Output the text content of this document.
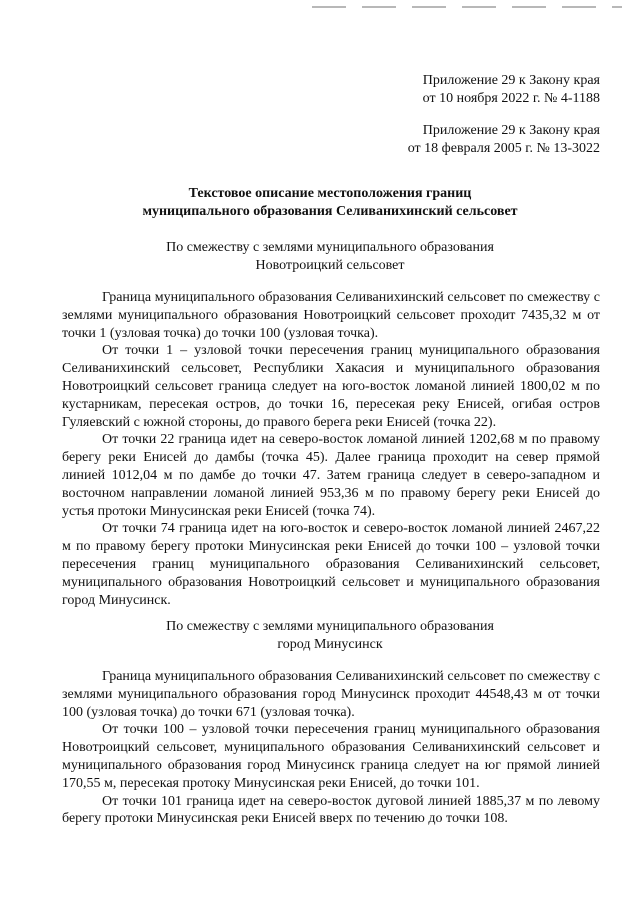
Приложение 29 к Закону края
от 10 ноября 2022 г. № 4-1188
Приложение 29 к Закону края
от 18 февраля 2005 г. № 13-3022
Текстовое описание местоположения границ
муниципального образования Селиванихинский сельсовет
По смежеству с землями муниципального образования
Новотроицкий сельсовет

Граница муниципального образования Селиванихинский сельсовет по смежеству с землями муниципального образования Новотроицкий сельсовет проходит 7435,32 м от точки 1 (узловая точка) до точки 100 (узловая точка).

От точки 1 – узловой точки пересечения границ муниципального образования Селиванихинский сельсовет, Республики Хакасия и муниципального образования Новотроицкий сельсовет граница следует на юго-восток ломаной линией 1800,02 м по кустарникам, пересекая остров, до точки 16, пересекая реку Енисей, огибая остров Гуляевский с южной стороны, до правого берега реки Енисей (точка 22).

От точки 22 граница идет на северо-восток ломаной линией 1202,68 м по правому берегу реки Енисей до дамбы (точка 45). Далее граница проходит на север прямой линией 1012,04 м по дамбе до точки 47. Затем граница следует в северо-западном и восточном направлении ломаной линией 953,36 м по правому берегу реки Енисей до устья протоки Минусинская реки Енисей (точка 74).

От точки 74 граница идет на юго-восток и северо-восток ломаной линией 2467,22 м по правому берегу протоки Минусинская реки Енисей до точки 100 – узловой точки пересечения границ муниципального образования Селиванихинский сельсовет, муниципального образования Новотроицкий сельсовет и муниципального образования город Минусинск.

По смежеству с землями муниципального образования
город Минусинск

Граница муниципального образования Селиванихинский сельсовет по смежеству с землями муниципального образования город Минусинск проходит 44548,43 м от точки 100 (узловая точка) до точки 671 (узловая точка).

От точки 100 – узловой точки пересечения границ муниципального образования Новотроицкий сельсовет, муниципального образования Селиванихинский сельсовет и муниципального образования город Минусинск граница следует на юг прямой линией 170,55 м, пересекая протоку Минусинская реки Енисей, до точки 101.

От точки 101 граница идет на северо-восток дуговой линией 1885,37 м по левому берегу протоки Минусинская реки Енисей вверх по течению до точки 108.
